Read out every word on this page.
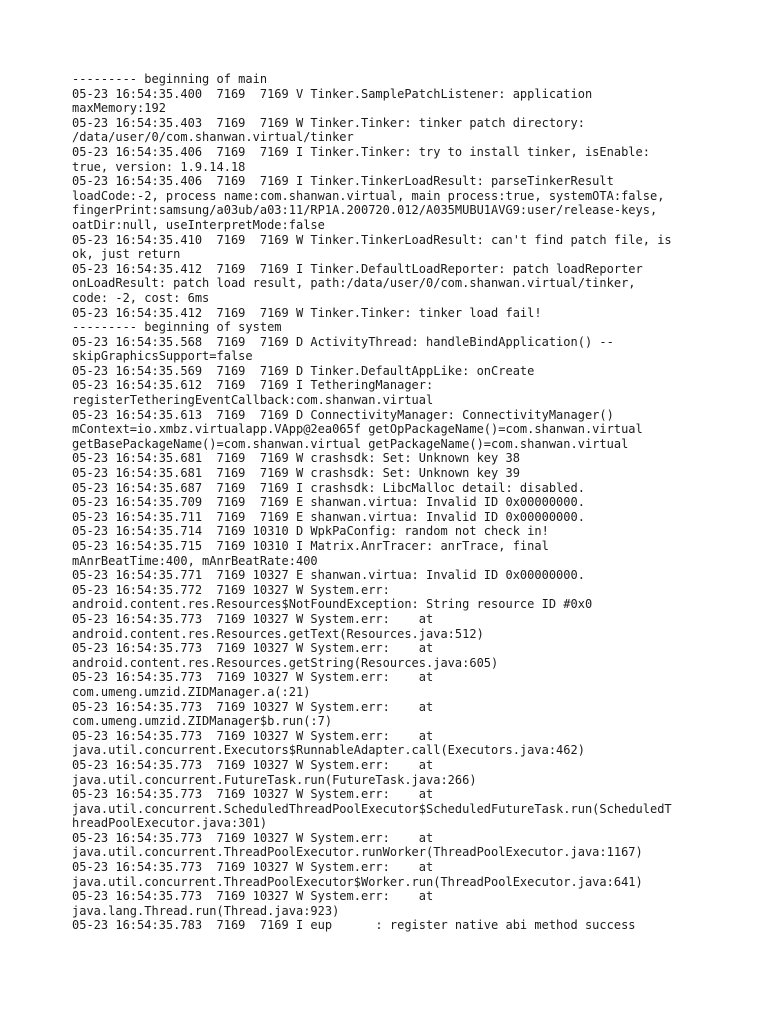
--------- beginning of main
05-23 16:54:35.400  7169  7169 V Tinker.SamplePatchListener: application
maxMemory:192
05-23 16:54:35.403  7169  7169 W Tinker.Tinker: tinker patch directory:
/data/user/0/com.shanwan.virtual/tinker
05-23 16:54:35.406  7169  7169 I Tinker.Tinker: try to install tinker, isEnable:
true, version: 1.9.14.18
05-23 16:54:35.406  7169  7169 I Tinker.TinkerLoadResult: parseTinkerResult
loadCode:-2, process name:com.shanwan.virtual, main process:true, systemOTA:false,
fingerPrint:samsung/a03ub/a03:11/RP1A.200720.012/A035MUBU1AVG9:user/release-keys,
oatDir:null, useInterpretMode:false
05-23 16:54:35.410  7169  7169 W Tinker.TinkerLoadResult: can't find patch file, is
ok, just return
05-23 16:54:35.412  7169  7169 I Tinker.DefaultLoadReporter: patch loadReporter
onLoadResult: patch load result, path:/data/user/0/com.shanwan.virtual/tinker,
code: -2, cost: 6ms
05-23 16:54:35.412  7169  7169 W Tinker.Tinker: tinker load fail!
--------- beginning of system
05-23 16:54:35.568  7169  7169 D ActivityThread: handleBindApplication() --
skipGraphicsSupport=false
05-23 16:54:35.569  7169  7169 D Tinker.DefaultAppLike: onCreate
05-23 16:54:35.612  7169  7169 I TetheringManager:
registerTetheringEventCallback:com.shanwan.virtual
05-23 16:54:35.613  7169  7169 D ConnectivityManager: ConnectivityManager()
mContext=io.xmbz.virtualapp.VApp@2ea065f getOpPackageName()=com.shanwan.virtual
getBasePackageName()=com.shanwan.virtual getPackageName()=com.shanwan.virtual
05-23 16:54:35.681  7169  7169 W crashsdk: Set: Unknown key 38
05-23 16:54:35.681  7169  7169 W crashsdk: Set: Unknown key 39
05-23 16:54:35.687  7169  7169 I crashsdk: LibcMalloc detail: disabled.
05-23 16:54:35.709  7169  7169 E shanwan.virtua: Invalid ID 0x00000000.
05-23 16:54:35.711  7169  7169 E shanwan.virtua: Invalid ID 0x00000000.
05-23 16:54:35.714  7169 10310 D WpkPaConfig: random not check in!
05-23 16:54:35.715  7169 10310 I Matrix.AnrTracer: anrTrace, final
mAnrBeatTime:400, mAnrBeatRate:400
05-23 16:54:35.771  7169 10327 E shanwan.virtua: Invalid ID 0x00000000.
05-23 16:54:35.772  7169 10327 W System.err:
android.content.res.Resources$NotFoundException: String resource ID #0x0
05-23 16:54:35.773  7169 10327 W System.err:    at
android.content.res.Resources.getText(Resources.java:512)
05-23 16:54:35.773  7169 10327 W System.err:    at
android.content.res.Resources.getString(Resources.java:605)
05-23 16:54:35.773  7169 10327 W System.err:    at
com.umeng.umzid.ZIDManager.a(:21)
05-23 16:54:35.773  7169 10327 W System.err:    at
com.umeng.umzid.ZIDManager$b.run(:7)
05-23 16:54:35.773  7169 10327 W System.err:    at
java.util.concurrent.Executors$RunnableAdapter.call(Executors.java:462)
05-23 16:54:35.773  7169 10327 W System.err:    at
java.util.concurrent.FutureTask.run(FutureTask.java:266)
05-23 16:54:35.773  7169 10327 W System.err:    at
java.util.concurrent.ScheduledThreadPoolExecutor$ScheduledFutureTask.run(ScheduledT
hreadPoolExecutor.java:301)
05-23 16:54:35.773  7169 10327 W System.err:    at
java.util.concurrent.ThreadPoolExecutor.runWorker(ThreadPoolExecutor.java:1167)
05-23 16:54:35.773  7169 10327 W System.err:    at
java.util.concurrent.ThreadPoolExecutor$Worker.run(ThreadPoolExecutor.java:641)
05-23 16:54:35.773  7169 10327 W System.err:    at
java.lang.Thread.run(Thread.java:923)
05-23 16:54:35.783  7169  7169 I eup      : register native abi method success
